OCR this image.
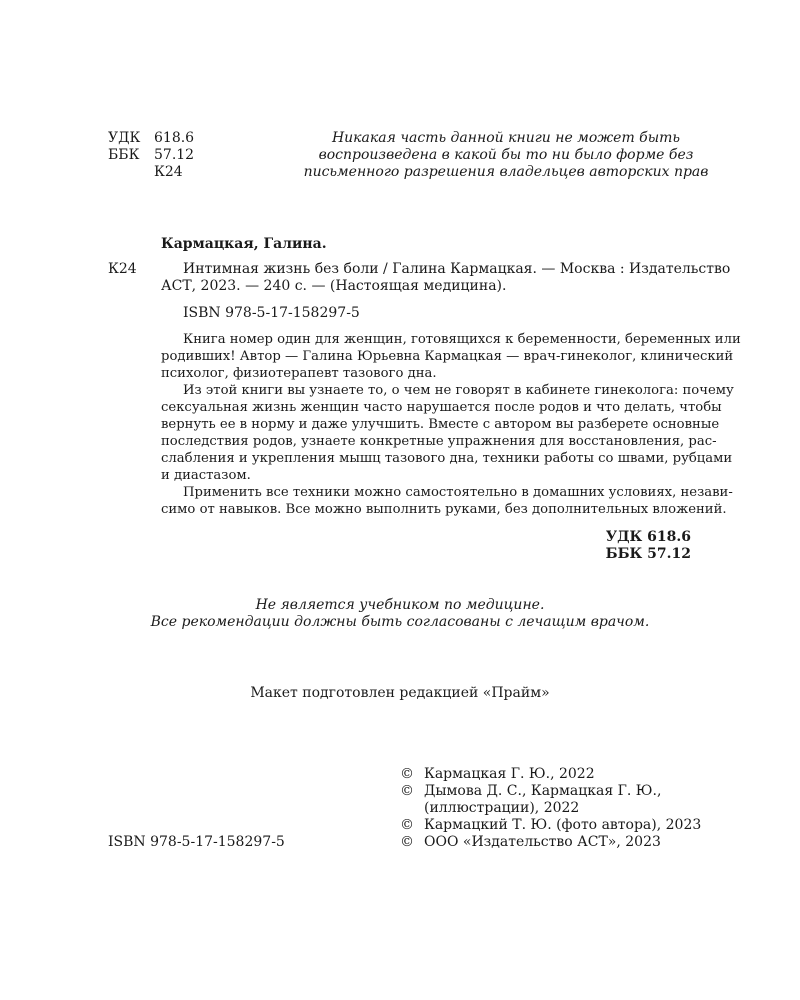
УДК 618.6
ББК 57.12
К24
Никакая часть данной книги не может быть
воспроизведена в какой бы то ни было форме без
письменного разрешения владельцев авторских прав
Кармацкая, Галина.
К24	Интимная жизнь без боли / Галина Кармацкая. — Москва : Издательство
АСТ, 2023. — 240 с. — (Настоящая медицина).
ISBN 978-5-17-158297-5
Книга номер один для женщин, готовящихся к беременности, беременных или
родивших! Автор — Галина Юрьевна Кармацкая — врач-гинеколог, клинический
психолог, физиотерапевт тазового дна.
Из этой книги вы узнаете то, о чем не говорят в кабинете гинеколога: почему
сексуальная жизнь женщин часто нарушается после родов и что делать, чтобы
вернуть ее в норму и даже улучшить. Вместе с автором вы разберете основные
последствия родов, узнаете конкретные упражнения для восстановления, рас-
слабления и укрепления мышц тазового дна, техники работы со швами, рубцами
и диастазом.
Применить все техники можно самостоятельно в домашних условиях, незави-
симо от навыков. Все можно выполнить руками, без дополнительных вложений.
УДК 618.6
ББК 57.12
Не является учебником по медицине.
Все рекомендации должны быть согласованы с лечащим врачом.
Макет подготовлен редакцией «Прайм»
ISBN 978-5-17-158297-5
© Кармацкая Г. Ю., 2022
© Дымова Д. С., Кармацкая Г. Ю.,
(иллюстрации), 2022
© Кармацкий Т. Ю. (фото автора), 2023
© ООО «Издательство АСТ», 2023
